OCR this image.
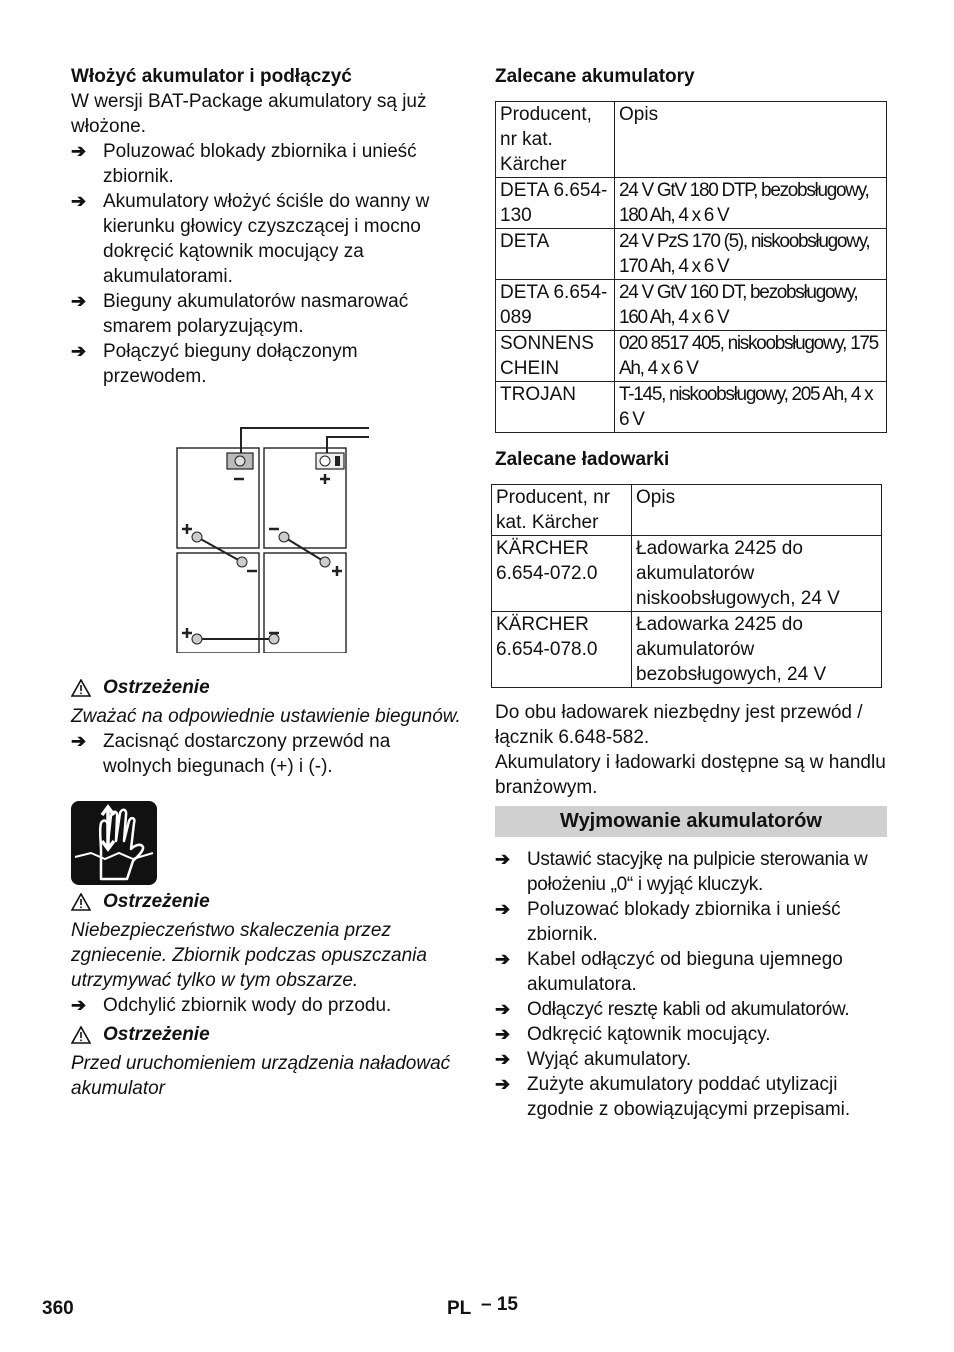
Włożyć akumulator i podłączyć

W wersji BAT-Package akumulatory są już włożone.

➔ Poluzować blokady zbiornika i unieść zbiornik.
➔ Akumulatory włożyć ściśle do wanny w kierunku głowicy czyszczącej i mocno dokręcić kątownik mocujący za akumulatorami.
➔ Bieguny akumulatorów nasmarować smarem polaryzującym.
➔ Połączyć bieguny dołączonym przewodem.
Ostrzeżenie

Zważać na odpowiednie ustawienie biegunów.

➔ Zacisnąć dostarczony przewód na wolnych biegunach (+) i (-).
Ostrzeżenie

Niebezpieczeństwo skaleczenia przez zgniecenie. Zbiornik podczas opuszczania utrzymywać tylko w tym obszarze.

➔ Odchylić zbiornik wody do przodu.
Ostrzeżenie

Przed uruchomieniem urządzenia naładować akumulator

Zalecane akumulatory

Producent, nr kat. Kärcher	Opis
DETA 6.654-130	24 V GtV 180 DTP, bezobsługowy, 180 Ah, 4 x 6 V
DETA	24 V PzS 170 (5), niskoobsługowy, 170 Ah, 4 x 6 V
DETA 6.654-089	24 V GtV 160 DT, bezobsługowy, 160 Ah, 4 x 6 V
SONNENS CHEIN	020 8517 405, niskoobsługowy, 175 Ah, 4 x 6 V
TROJAN	T-145, niskoobsługowy, 205 Ah, 4 x 6 V

Zalecane ładowarki

Producent, nr kat. Kärcher	Opis
KÄRCHER 6.654-072.0	Ładowarka 2425 do akumulatorów niskoobsługowych, 24 V
KÄRCHER 6.654-078.0	Ładowarka 2425 do akumulatorów bezobsługowych, 24 V

Do obu ładowarek niezbędny jest przewód /łącznik 6.648-582.

Akumulatory i ładowarki dostępne są w handlu branżowym.

Wyjmowanie akumulatorów

➔ Ustawić stacyjkę na pulpicie sterowania w położeniu „0“ i wyjąć kluczyk.
➔ Poluzować blokady zbiornika i unieść zbiornik.
➔ Kabel odłączyć od bieguna ujemnego akumulatora.
➔ Odłączyć resztę kabli od akumulatorów.
➔ Odkręcić kątownik mocujący.
➔ Wyjąć akumulatory.
➔ Zużyte akumulatory poddać utylizacji zgodnie z obowiązującymi przepisami.
360	PL – 15
